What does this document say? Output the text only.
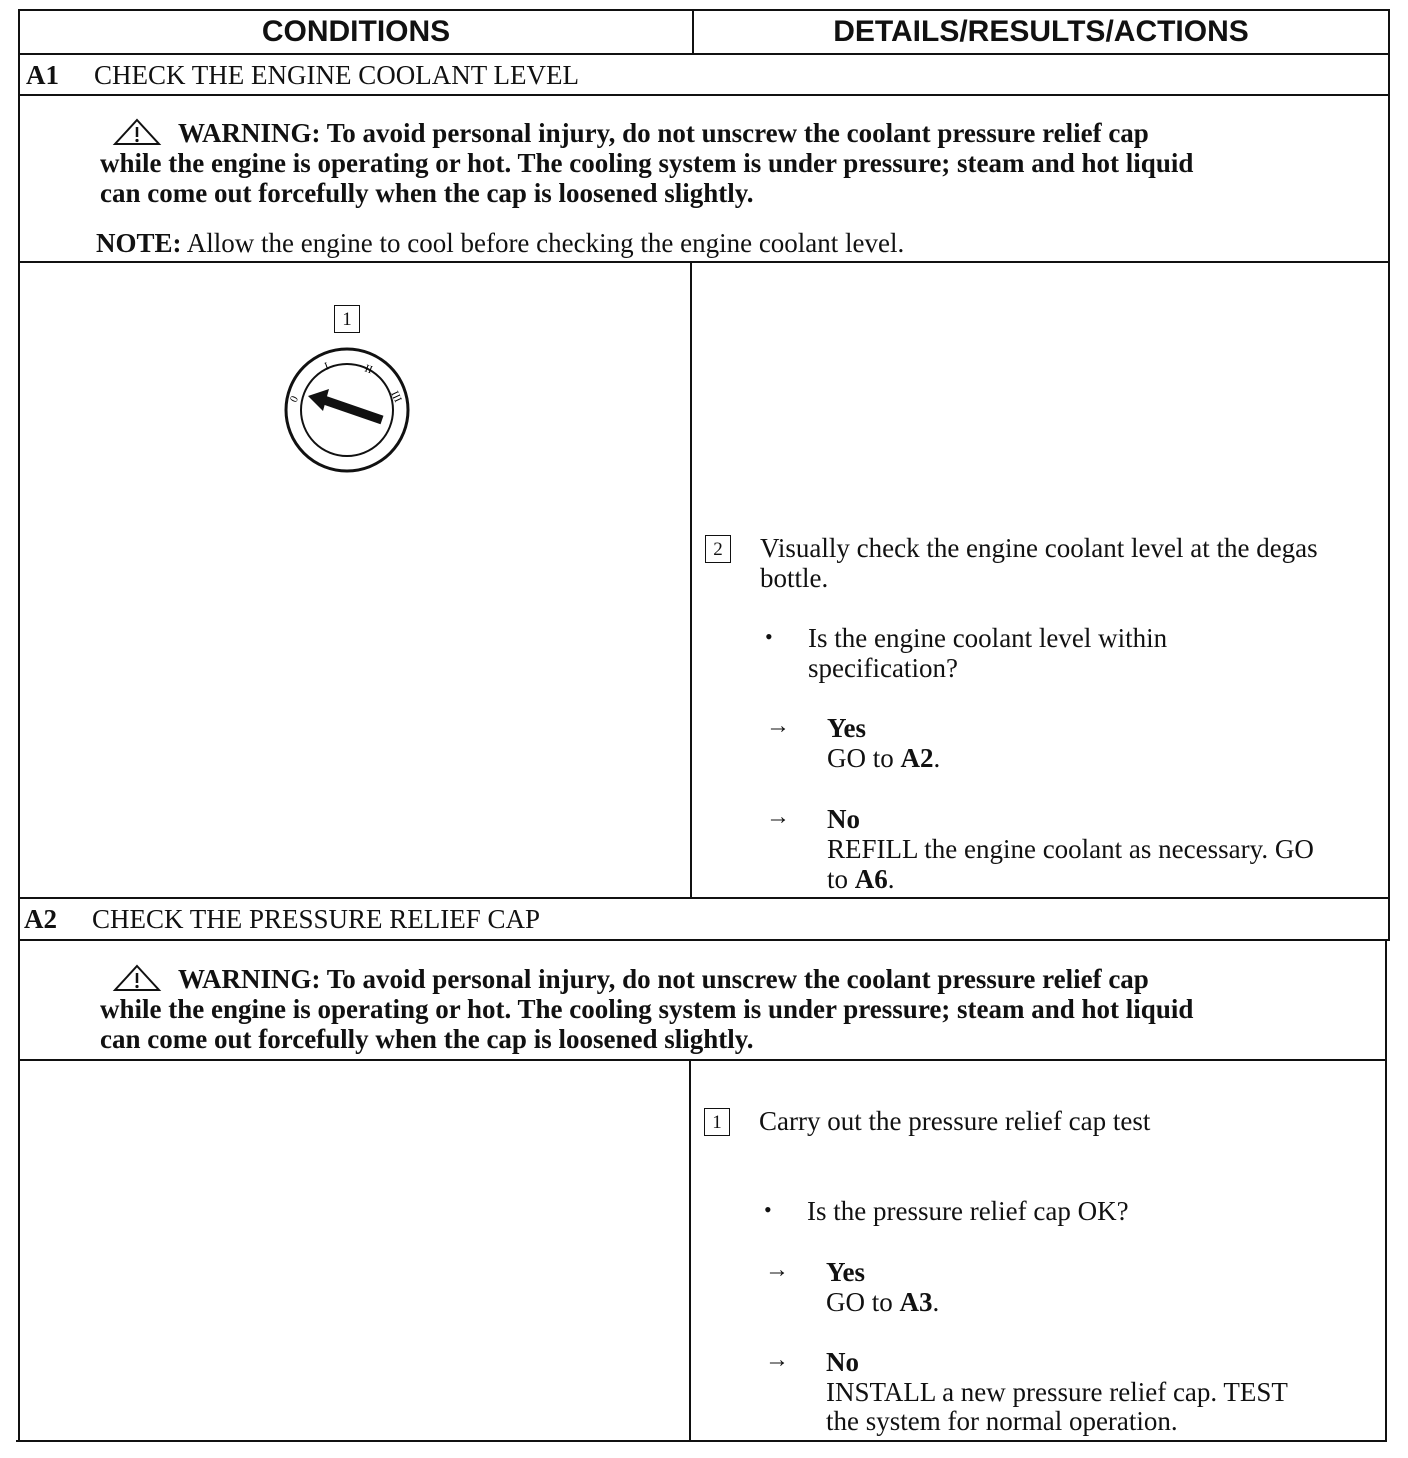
CONDITIONS	DETAILS/RESULTS/ACTIONS
A1 CHECK THE ENGINE COOLANT LEVEL
WARNING: To avoid personal injury, do not unscrew the coolant pressure relief cap
while the engine is operating or hot. The cooling system is under pressure; steam and hot liquid
can come out forcefully when the cap is loosened slightly.
NOTE: Allow the engine to cool before checking the engine coolant level.
1
0
I	II
III
2	Visually check the engine coolant level at the degas
bottle.
• Is the engine coolant level within
specification?
→ Yes
GO to A2.
→ No
REFILL the engine coolant as necessary. GO
to A6.
A2 CHECK THE PRESSURE RELIEF CAP
WARNING: To avoid personal injury, do not unscrew the coolant pressure relief cap
while the engine is operating or hot. The cooling system is under pressure; steam and hot liquid
can come out forcefully when the cap is loosened slightly.
1	Carry out the pressure relief cap test
• Is the pressure relief cap OK?
→ Yes
GO to A3.
→ No
INSTALL a new pressure relief cap. TEST
the system for normal operation.
